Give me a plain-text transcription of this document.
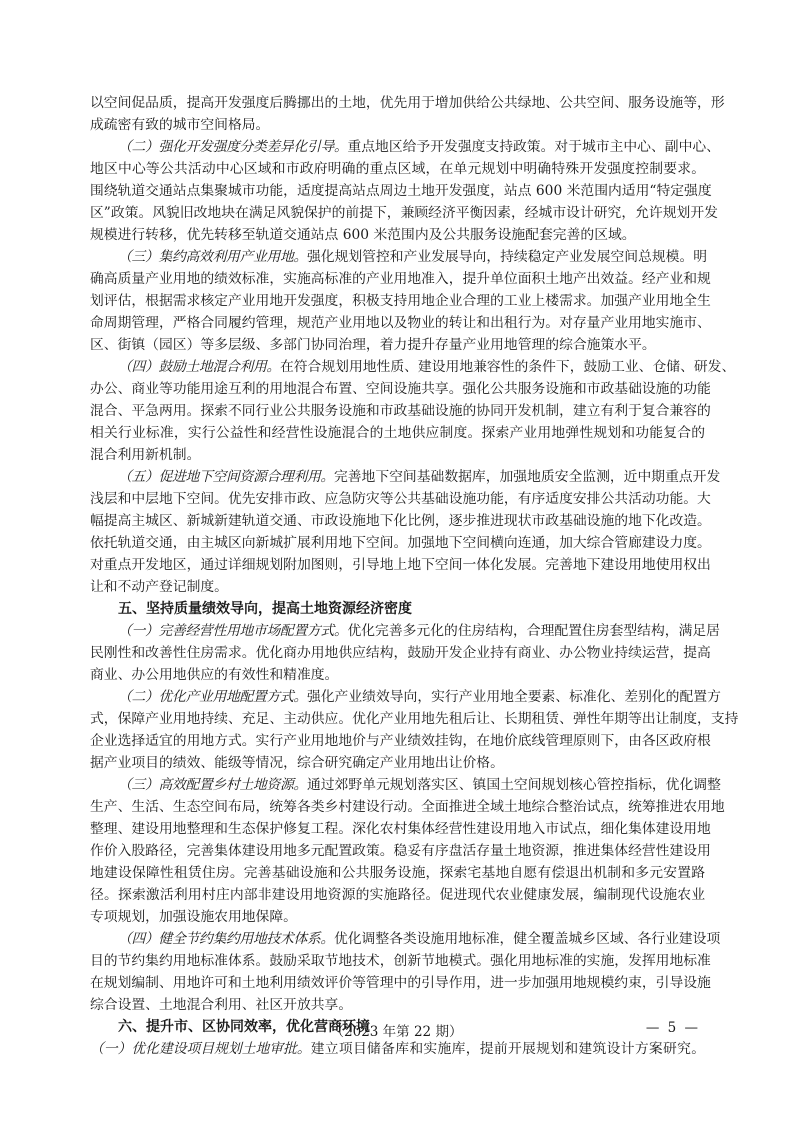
以空间促品质，提高开发强度后腾挪出的土地，优先用于增加供给公共绿地、公共空间、服务设施等，形
成疏密有致的城市空间格局。
（二）强化开发强度分类差异化引导。重点地区给予开发强度支持政策。对于城市主中心、副中心、
地区中心等公共活动中心区域和市政府明确的重点区域，在单元规划中明确特殊开发强度控制要求。
围绕轨道交通站点集聚城市功能，适度提高站点周边土地开发强度，站点 600 米范围内适用“特定强度
区”政策。风貌旧改地块在满足风貌保护的前提下，兼顾经济平衡因素，经城市设计研究，允许规划开发
规模进行转移，优先转移至轨道交通站点 600 米范围内及公共服务设施配套完善的区域。
（三）集约高效利用产业用地。强化规划管控和产业发展导向，持续稳定产业发展空间总规模。明
确高质量产业用地的绩效标准，实施高标准的产业用地准入，提升单位面积土地产出效益。经产业和规
划评估，根据需求核定产业用地开发强度，积极支持用地企业合理的工业上楼需求。加强产业用地全生
命周期管理，严格合同履约管理，规范产业用地以及物业的转让和出租行为。对存量产业用地实施市、
区、街镇（园区）等多层级、多部门协同治理，着力提升存量产业用地管理的综合施策水平。
（四）鼓励土地混合利用。在符合规划用地性质、建设用地兼容性的条件下，鼓励工业、仓储、研发、
办公、商业等功能用途互利的用地混合布置、空间设施共享。强化公共服务设施和市政基础设施的功能
混合、平急两用。探索不同行业公共服务设施和市政基础设施的协同开发机制，建立有利于复合兼容的
相关行业标准，实行公益性和经营性设施混合的土地供应制度。探索产业用地弹性规划和功能复合的
混合利用新机制。
（五）促进地下空间资源合理利用。完善地下空间基础数据库，加强地质安全监测，近中期重点开发
浅层和中层地下空间。优先安排市政、应急防灾等公共基础设施功能，有序适度安排公共活动功能。大
幅提高主城区、新城新建轨道交通、市政设施地下化比例，逐步推进现状市政基础设施的地下化改造。
依托轨道交通，由主城区向新城扩展利用地下空间。加强地下空间横向连通，加大综合管廊建设力度。
对重点开发地区，通过详细规划附加图则，引导地上地下空间一体化发展。完善地下建设用地使用权出
让和不动产登记制度。
五、坚持质量绩效导向，提高土地资源经济密度
（一）完善经营性用地市场配置方式。优化完善多元化的住房结构，合理配置住房套型结构，满足居
民刚性和改善性住房需求。优化商办用地供应结构，鼓励开发企业持有商业、办公物业持续运营，提高
商业、办公用地供应的有效性和精准度。
（二）优化产业用地配置方式。强化产业绩效导向，实行产业用地全要素、标准化、差别化的配置方
式，保障产业用地持续、充足、主动供应。优化产业用地先租后让、长期租赁、弹性年期等出让制度，支持
企业选择适宜的用地方式。实行产业用地地价与产业绩效挂钩，在地价底线管理原则下，由各区政府根
据产业项目的绩效、能级等情况，综合研究确定产业用地出让价格。
（三）高效配置乡村土地资源。通过郊野单元规划落实区、镇国土空间规划核心管控指标，优化调整
生产、生活、生态空间布局，统筹各类乡村建设行动。全面推进全域土地综合整治试点，统筹推进农用地
整理、建设用地整理和生态保护修复工程。深化农村集体经营性建设用地入市试点，细化集体建设用地
作价入股路径，完善集体建设用地多元配置政策。稳妥有序盘活存量土地资源，推进集体经营性建设用
地建设保障性租赁住房。完善基础设施和公共服务设施，探索宅基地自愿有偿退出机制和多元安置路
径。探索激活利用村庄内部非建设用地资源的实施路径。促进现代农业健康发展，编制现代设施农业
专项规划，加强设施农用地保障。
（四）健全节约集约用地技术体系。优化调整各类设施用地标准，健全覆盖城乡区域、各行业建设项
目的节约集约用地标准体系。鼓励采取节地技术，创新节地模式。强化用地标准的实施，发挥用地标准
在规划编制、用地许可和土地利用绩效评价等管理中的引导作用，进一步加强用地规模约束，引导设施
综合设置、土地混合利用、社区开放共享。
六、提升市、区协同效率，优化营商环境
（一）优化建设项目规划土地审批。建立项目储备库和实施库，提前开展规划和建筑设计方案研究。
（2023 年第 22 期）	— 5 —
